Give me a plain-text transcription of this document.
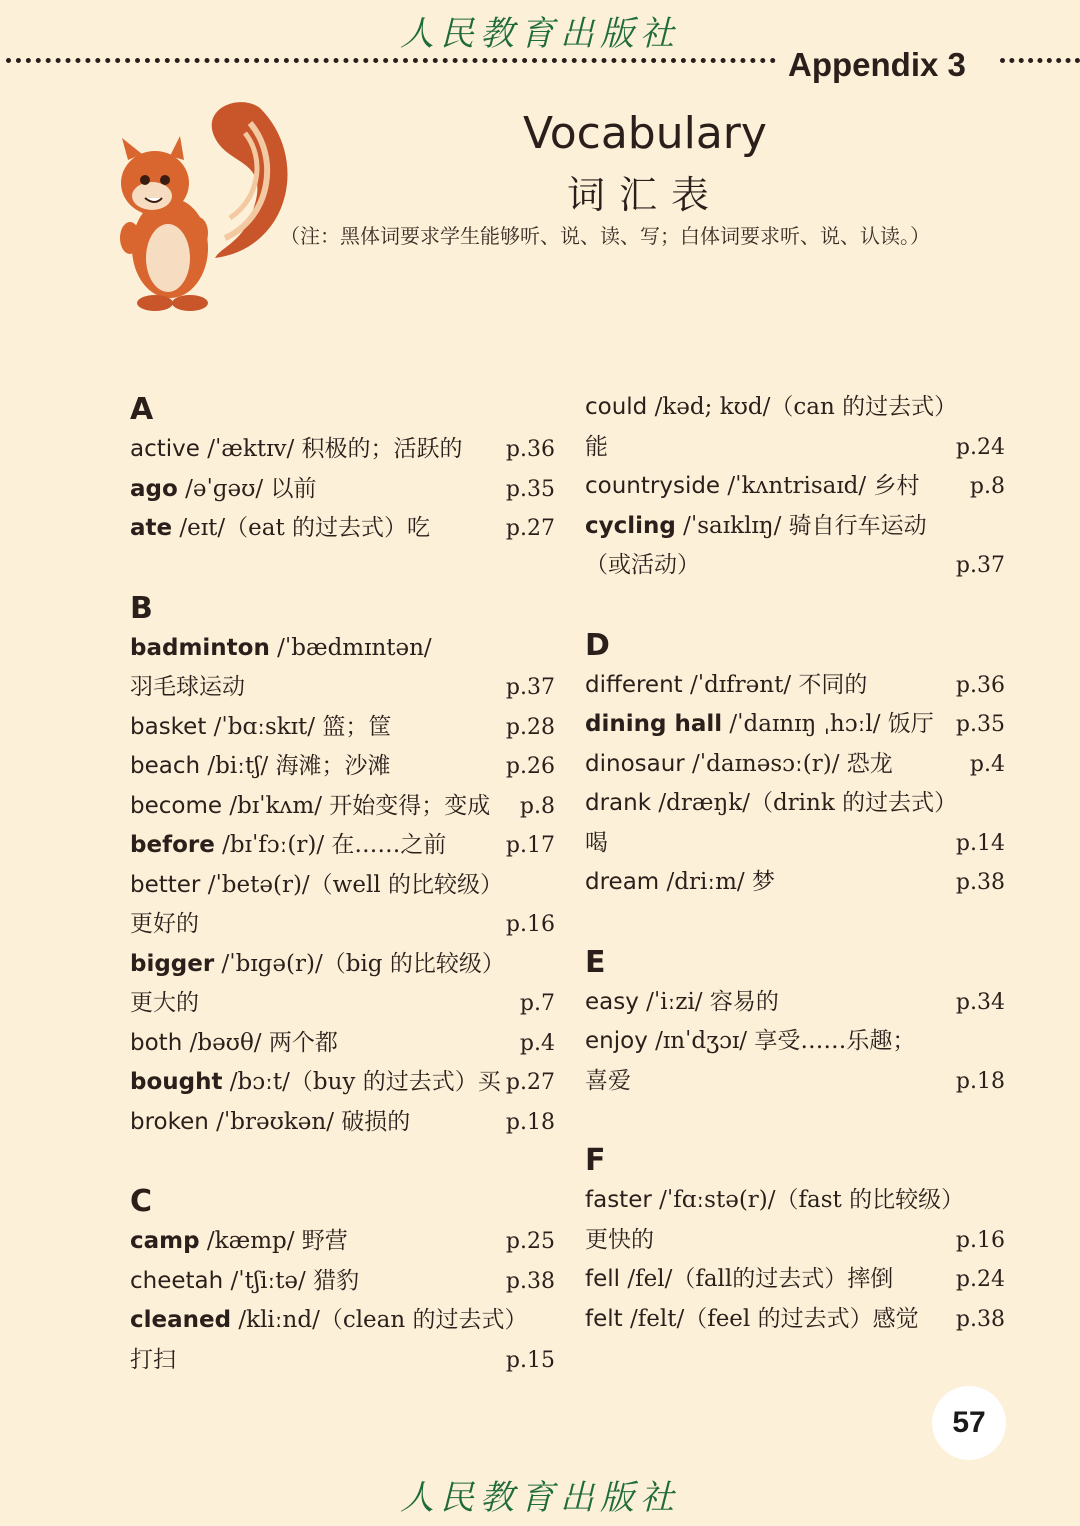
人民教育出版社
Appendix 3
Vocabulary
词汇表
（注：黑体词要求学生能够听、说、读、写；白体词要求听、说、认读。）
A
active /ˈæktɪv/ 积极的；活跃的 p.36
ago /əˈɡəʊ/ 以前	p.35
ate /eɪt/（eat 的过去式）吃	p.27
B
badminton /ˈbædmɪntən/
羽毛球运动	p.37
basket /ˈbɑːskɪt/ 篮；筐	p.28
beach /biːtʃ/ 海滩；沙滩	p.26
become /bɪˈkʌm/ 开始变得；变成 p.8
before /bɪˈfɔː(r)/ 在……之前	p.17
better /ˈbetə(r)/（well 的比较级）
更好的	p.16
bigger /ˈbɪɡə(r)/（big 的比较级）
更大的	p.7
both /bəʊθ/ 两个都	p.4
bought /bɔːt/（buy 的过去式）买 p.27
broken /ˈbrəʊkən/ 破损的	p.18
C
camp /kæmp/ 野营	p.25
cheetah /ˈtʃiːtə/ 猎豹	p.38
cleaned /kliːnd/（clean 的过去式）
打扫	p.15
could /kəd; kʊd/（can 的过去式）
能	p.24
countryside /ˈkʌntrisaɪd/ 乡村 p.8
cycling /ˈsaɪklɪŋ/ 骑自行车运动
（或活动）	p.37
D
different /ˈdɪfrənt/ 不同的	p.36
dining hall /ˈdaɪnɪŋ ˌhɔːl/ 饭厅 p.35
dinosaur /ˈdaɪnəsɔː(r)/ 恐龙	p.4
drank /dræŋk/（drink 的过去式）
喝	p.14
dream /driːm/ 梦	p.38
E
easy /ˈiːzi/ 容易的	p.34
enjoy /ɪnˈdʒɔɪ/ 享受……乐趣；
喜爱	p.18
F
faster /ˈfɑːstə(r)/（fast 的比较级）
更快的	p.16
fell /fel/（fall的过去式）摔倒	p.24
felt /felt/（feel 的过去式）感觉 p.38
57
人民教育出版社
